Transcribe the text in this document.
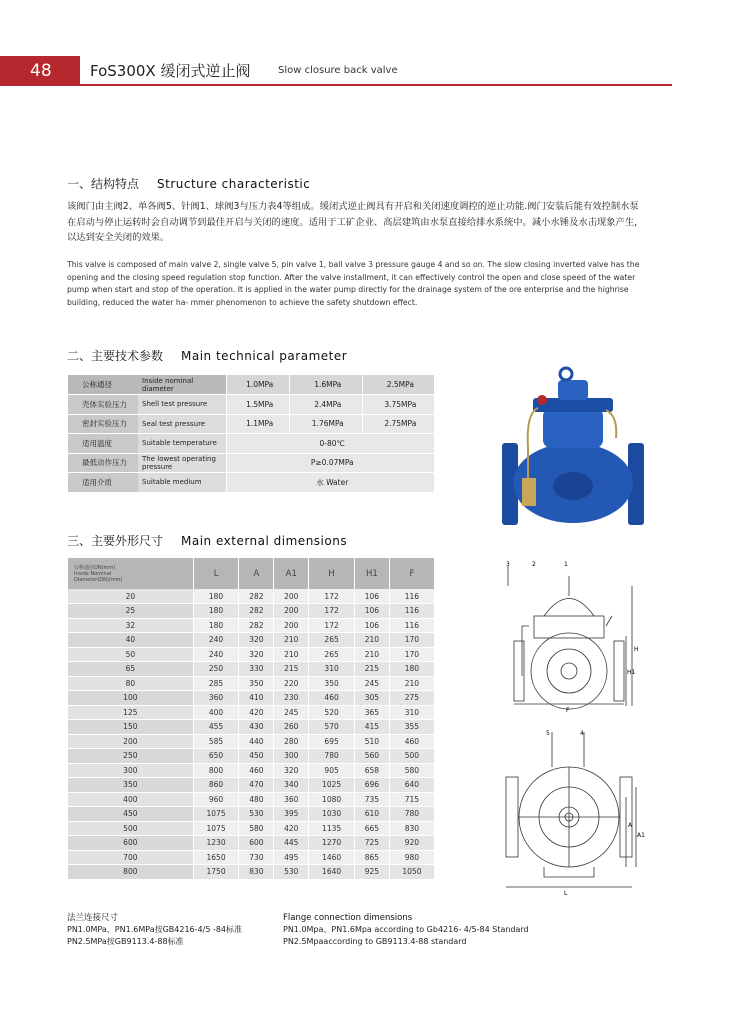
48	FoS300X 缓闭式逆止阀	Slow closure back valve
一、结构特点 Structure characteristic
该阀门由主阀2、单各阀5、针阀1、球阀3与压力表4等组成。缓闭式逆止阀具有开启和关闭速度调控的逆止功能.阀门安装后能有效控制水泵在启动与停止运转时会自动调节到最佳开启与关闭的速度。适用于工矿企业、高层建筑由水泵直接给排水系统中。减小水锤及水击现象产生，以达到安全关闭的效果。
This valve is composed of main valve 2, single valve 5, pin valve 1, ball valve 3 pressure gauge 4 and so on. The slow closing inverted valve has the opening and the closing speed regulation stop function. After the valve installment, it can effectively control the open and close speed of the water pump when start and stop of the operation. It is applied in the water pump directly for the drainage system of the ore enterprise and the highrise building, reduced the water ha- mmer phenomenon to achieve the safety shutdown effect.
二、主要技术参数 Main technical parameter
公称通径	Inside nominal diameter	1.0MPa	1.6MPa	2.5MPa
壳体实验压力	Shell test pressure	1.5MPa	2.4MPa	3.75MPa
密封实验压力	Seal test pressure	1.1MPa	1.76MPa	2.75MPa
适用温度	Suitable temperature	0-80℃		
最低动作压力	The lowest operating pressure	P≥0.07MPa		
适用介质	Suitable medium	水 Water		
三、主要外形尺寸 Main external dimensions
公称通径DN(mm)
Inside Nominal
Diameter(DN)(mm)	L	A	A1	H	H1	F
20	180	282	200	172	106	116
25	180	282	200	172	106	116
32	180	282	200	172	106	116
40	240	320	210	265	210	170
50	240	320	210	265	210	170
65	250	330	215	310	215	180
80	285	350	220	350	245	210
100	360	410	230	460	305	275
125	400	420	245	520	365	310
150	455	430	260	570	415	355
200	585	440	280	695	510	460
250	650	450	300	780	560	500
300	800	460	320	905	658	580
350	860	470	340	1025	696	640
400	960	480	360	1080	735	715
450	1075	530	395	1030	610	780
500	1075	580	420	1135	665	830
600	1230	600	445	1270	725	920
700	1650	730	495	1460	865	980
800	1750	830	530	1640	925	1050
3	2	1
H
H1
F
5	4
L
A
A1
法兰连接尺寸
PN1.0MPa、PN1.6MPa按GB4216-4/5 -84标准
PN2.5MPa按GB9113.4-88标准
Flange connection dimensions
PN1.0Mpa、PN1.6Mpa according to Gb4216- 4/5-84 Standard
PN2.5Mpaaccording to GB9113.4-88 standard
